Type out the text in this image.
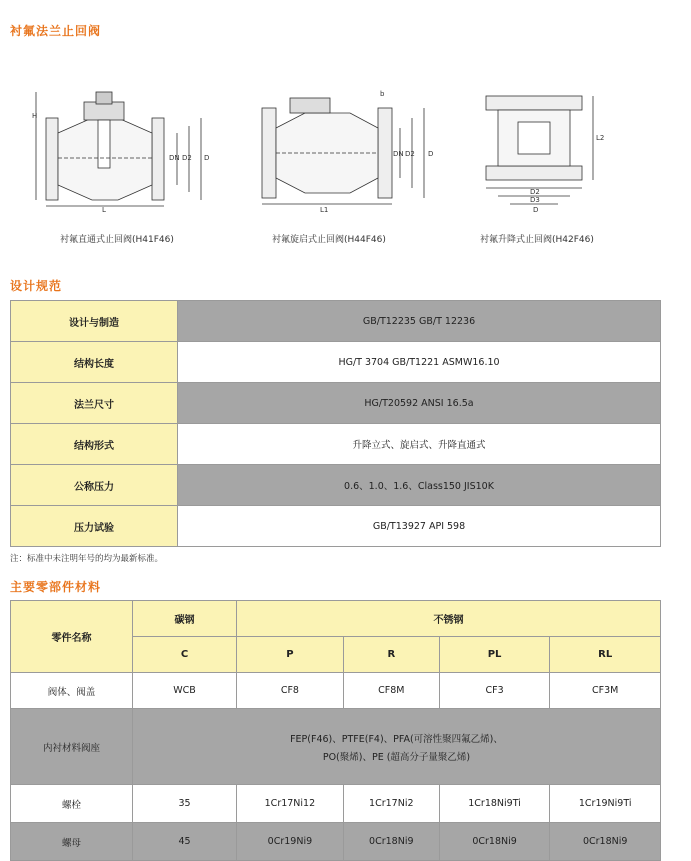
衬氟法兰止回阀
H
L
DN D2 D
衬氟直通式止回阀(H41F46)
L1
DN D2 D
b
衬氟旋启式止回阀(H44F46)
D2
D3
D
L2
衬氟升降式止回阀(H42F46)
设计规范
设计与制造	GB/T12235 GB/T 12236
结构长度	HG/T 3704 GB/T1221 ASMW16.10
法兰尺寸	HG/T20592 ANSI 16.5a
结构形式	升降立式、旋启式、升降直通式
公称压力	0.6、1.0、1.6、Class150 JIS10K
压力试验	GB/T13927 API 598
注：标准中未注明年号的均为最新标准。
主要零部件材料
零件名称	碳钢	不锈钢			
	C	P	R	PL	RL
阀体、阀盖	WCB	CF8	CF8M	CF3	CF3M
内衬材料阀座	FEP(F46)、PTFE(F4)、PFA(可溶性聚四氟乙烯)、
PO(聚烯)、PE (超高分子量聚乙烯)				

螺栓	35	1Cr17Ni12	1Cr17Ni2	1Cr18Ni9Ti	1Cr19Ni9Ti
螺母	45	0Cr19Ni9	0Cr18Ni9	0Cr18Ni9	0Cr18Ni9
